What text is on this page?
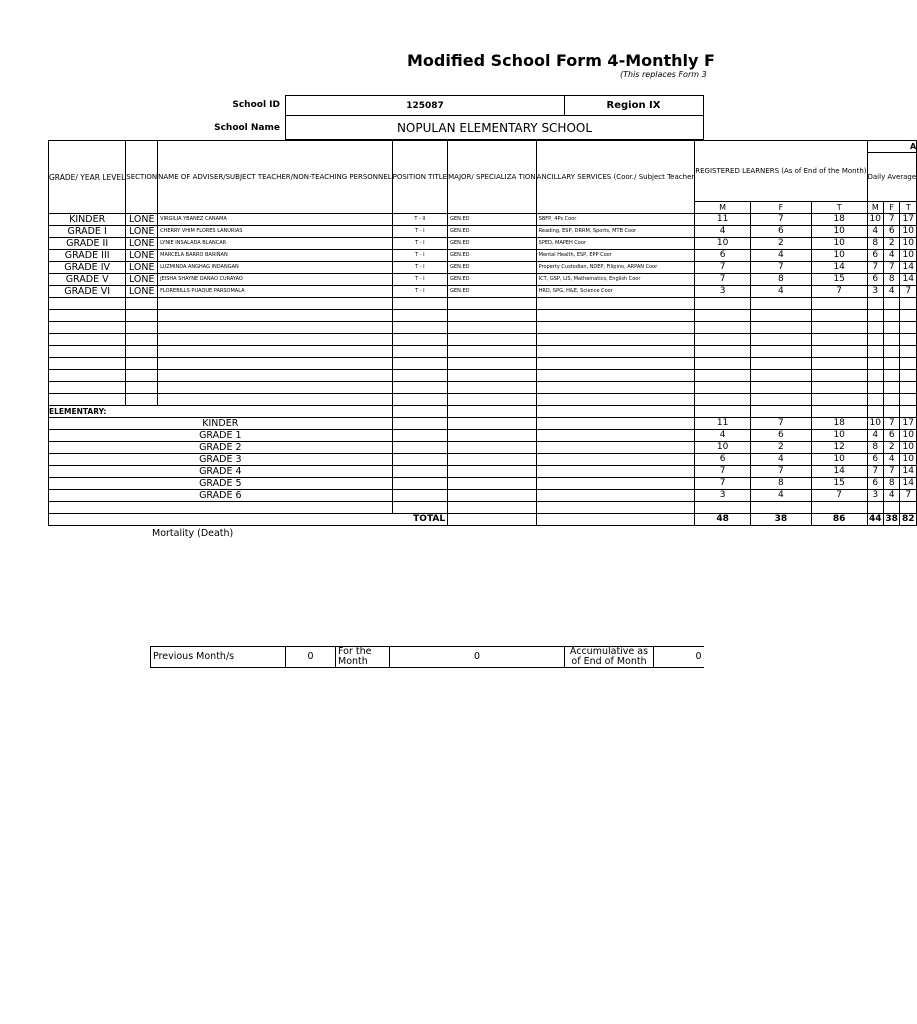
Modified School Form 4-Monthly F
(This replaces Form 3
School ID	125087	Region IX
School Name	NOPULAN ELEMENTARY SCHOOL
GRADE/ YEAR LEVEL	SECTION	NAME OF ADVISER/SUBJECT TEACHER/NON-TEACHING PERSONNEL	POSITION TITLE	MAJOR/ SPECIALIZA TION	ANCILLARY SERVICES (Coor./ Subject Teacher	REGISTERED LEARNERS (As of End of the Month)			A		
									Daily Average		
						M	F	T	M	F	T
KINDER	LONE	VIRGILIA YBANEZ CANAMA	T - II	GEN.ED	SBFP, 4Ps Coor	11	7	18	10	7	17
GRADE I	LONE	CHERRY VHIM FLORES LANURIAS	T - I	GEN.ED	Reading, ESP, DRRM, Sports, MTB Coor	4	6	10	4	6	10
GRADE II	LONE	LYNIE INSALADA BLANCAR	T - I	GEN.ED	SPED, MAPEH Coor	10	2	10	8	2	10
GRADE III	LONE	MARCELA BARRO BARIÑAN	T - I	GEN.ED	Mental Health, ESP, EPP Coor	6	4	10	6	4	10
GRADE IV	LONE	LUZMINDA ANGHAG INDANGAN	T - I	GEN.ED	Property Custodian, NDEP, Filipino, ARPAN Coor	7	7	14	7	7	14
GRADE V	LONE	JEISHA SHAYNE DANAO CURAYAO	T - I	GEN.ED	ICT, GSP, LIS, Mathematics, English Coor	7	8	15	6	8	14
GRADE VI	LONE	FLOREBILLS PUAQUE PARSOMALA	T - I	GEN.ED	HRD, SPG, H&E, Science Coor	3	4	7	3	4	7

ELEMENTARY:											
KINDER						11	7	18	10	7	17
GRADE 1						4	6	10	4	6	10
GRADE 2						10	2	12	8	2	10
GRADE 3						6	4	10	6	4	10
GRADE 4						7	7	14	7	7	14
GRADE 5						7	8	15	6	8	14
GRADE 6						3	4	7	3	4	7

TOTAL						48	38	86	44	38	82
Mortality (Death)
Previous Month/s	0	For the Month	0	Accumulative as of End of Month	0
